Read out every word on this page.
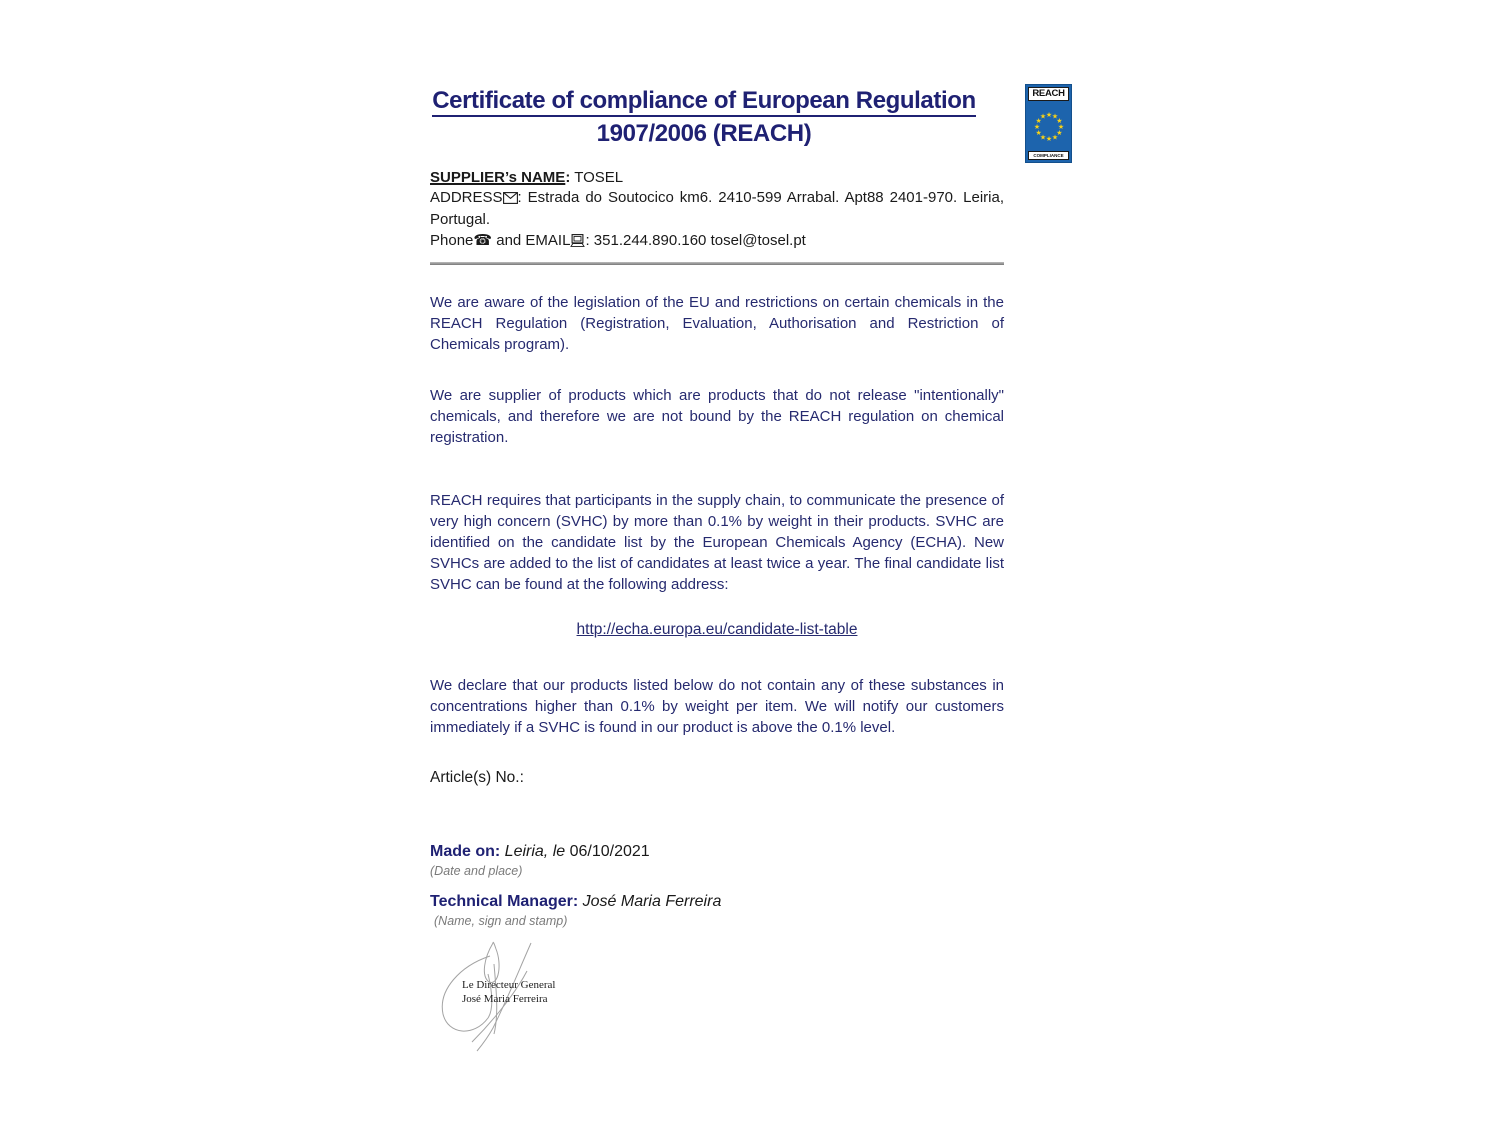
Certificate of compliance of European Regulation
1907/2006 (REACH)
REACH
★ ★
★
★
★
★
★
★
★
★
★
★
COMPLIANCE
SUPPLIER’s NAME: TOSEL
ADDRESS : Estrada do Soutocico km6. 2410-599 Arrabal. Apt88 2401-970. Leiria, Portugal.
Phone☎ and EMAIL : 351.244.890.160 tosel@tosel.pt

We are aware of the legislation of the EU and restrictions on certain chemicals in the REACH Regulation (Registration, Evaluation, Authorisation and Restriction of Chemicals program).

We are supplier of products which are products that do not release "intentionally" chemicals, and therefore we are not bound by the REACH regulation on chemical registration.

REACH requires that participants in the supply chain, to communicate the presence of very high concern (SVHC) by more than 0.1% by weight in their products. SVHC are identified on the candidate list by the European Chemicals Agency (ECHA). New SVHCs are added to the list of candidates at least twice a year. The final candidate list SVHC can be found at the following address:

http://echa.europa.eu/candidate-list-table

We declare that our products listed below do not contain any of these substances in concentrations higher than 0.1% by weight per item. We will notify our customers immediately if a SVHC is found in our product is above the 0.1% level.

Article(s) No.:

Made on: Leiria, le 06/10/2021

(Date and place)

Technical Manager: José Maria Ferreira

(Name, sign and stamp)

Le Directeur General
José Maria Ferreira
